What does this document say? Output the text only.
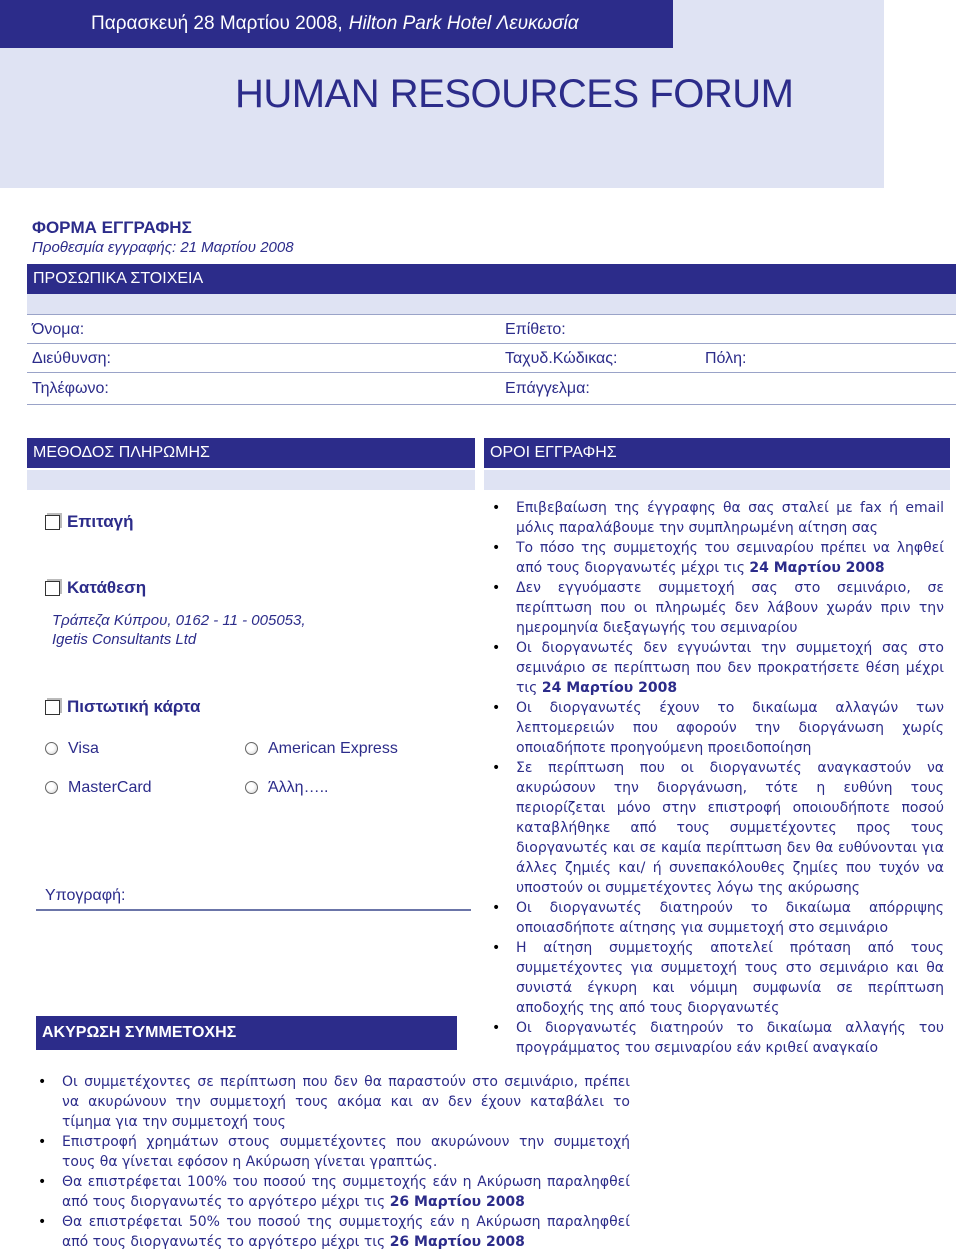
Παρασκευή 28 Μαρτίου 2008, Hilton Park Hotel Λευκωσία
HUMAN RESOURCES FORUM
ΦΟΡΜΑ ΕΓΓΡΑΦΗΣ
Προθεσμία εγγραφής: 21 Μαρτίου 2008
ΠΡΟΣΩΠΙΚΑ ΣΤΟΙΧΕΙΑ
Όνομα:	Επίθετο:
Διεύθυνση:	Ταχυδ.Κώδικας:	Πόλη:
Τηλέφωνο:	Επάγγελμα:
ΜΕΘΟΔΟΣ ΠΛΗΡΩΜΗΣ
Επιταγή
Κατάθεση
Τράπεζα Κύπρου, 0162 - 11 - 005053,
Igetis Consultants Ltd
Πιστωτική κάρτα
Visa	American Express
MasterCard	Άλλη…..
Υπογραφή:
ΑΚΥΡΩΣΗ ΣΥΜΜΕΤΟΧΗΣ
ΟΡΟΙ ΕΓΓΡΑΦΗΣ
• Επιβεβαίωση της έγγραφης θα σας σταλεί με fax ή email μόλις παραλάβουμε την συμπληρωμένη αίτηση σας
• Το πόσο της συμμετοχής του σεμιναρίου πρέπει να ληφθεί από τους διοργανωτές μέχρι τις 24 Μαρτίου 2008
• Δεν εγγυόμαστε συμμετοχή σας στο σεμινάριο, σε περίπτωση που οι πληρωμές δεν λάβουν χωράν πριν την ημερομηνία διεξαγωγής του σεμιναρίου
• Οι διοργανωτές δεν εγγυώνται την συμμετοχή σας στο σεμινάριο σε περίπτωση που δεν προκρατήσετε θέση μέχρι τις 24 Μαρτίου 2008
• Οι διοργανωτές έχουν το δικαίωμα αλλαγών των λεπτομερειών που αφορούν την διοργάνωση χωρίς οποιαδήποτε προηγούμενη προειδοποίηση
• Σε περίπτωση που οι διοργανωτές αναγκαστούν να ακυρώσουν την διοργάνωση, τότε η ευθύνη τους περιορίζεται μόνο στην επιστροφή οποιουδήποτε ποσού καταβλήθηκε από τους συμμετέχοντες προς τους διοργανωτές και σε καμία περίπτωση δεν θα ευθύνονται για άλλες ζημιές και/ ή συνεπακόλουθες ζημίες που τυχόν να υποστούν οι συμμετέχοντες λόγω της ακύρωσης
• Οι διοργανωτές διατηρούν το δικαίωμα απόρριψης οποιασδήποτε αίτησης για συμμετοχή στο σεμινάριο
• Η αίτηση συμμετοχής αποτελεί πρόταση από τους συμμετέχοντες για συμμετοχή τους στο σεμινάριο και θα συνιστά έγκυρη και νόμιμη συμφωνία σε περίπτωση αποδοχής της από τους διοργανωτές
• Οι διοργανωτές διατηρούν το δικαίωμα αλλαγής του προγράμματος του σεμιναρίου εάν κριθεί αναγκαίο
• Οι συμμετέχοντες σε περίπτωση που δεν θα παραστούν στο σεμινάριο, πρέπει να ακυρώνουν την συμμετοχή τους ακόμα και αν δεν έχουν καταβάλει το τίμημα για την συμμετοχή τους
• Επιστροφή χρημάτων στους συμμετέχοντες που ακυρώνουν την συμμετοχή τους θα γίνεται εφόσον η Ακύρωση γίνεται γραπτώς.
• Θα επιστρέφεται 100% του ποσού της συμμετοχής εάν η Ακύρωση παραληφθεί από τους διοργανωτές το αργότερο μέχρι τις 26 Μαρτίου 2008
• Θα επιστρέφεται 50% του ποσού της συμμετοχής εάν η Ακύρωση παραληφθεί από τους διοργανωτές το αργότερο μέχρι τις 26 Μαρτίου 2008
